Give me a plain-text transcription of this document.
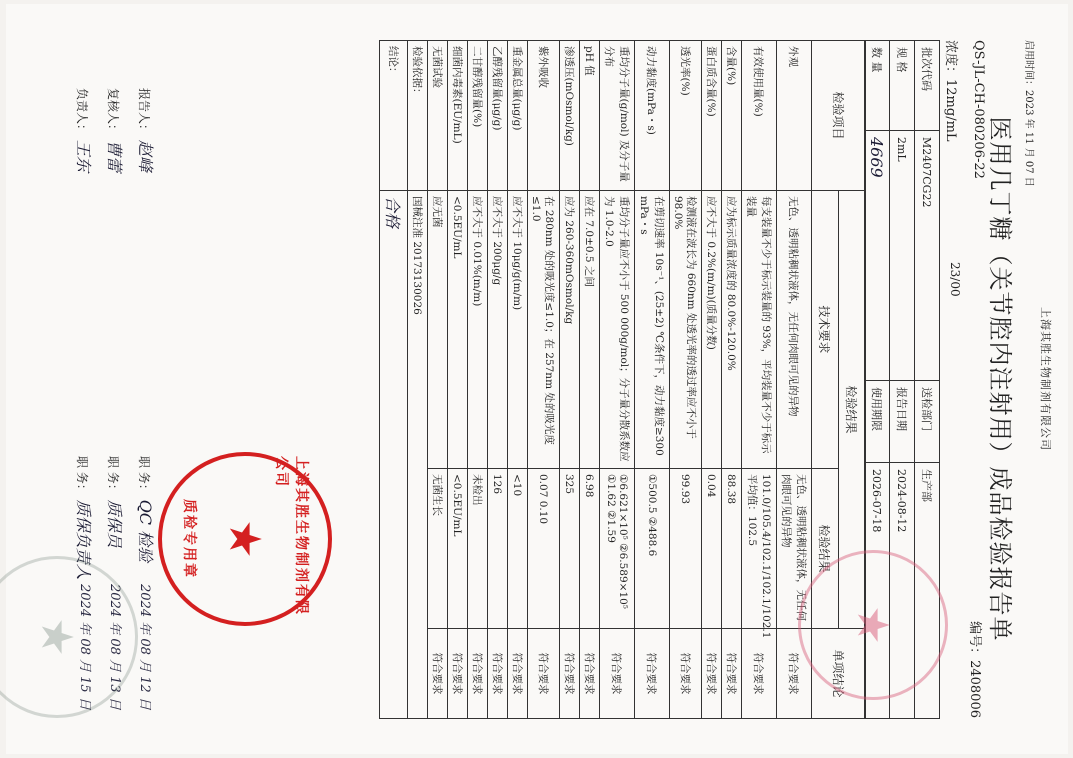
上海其胜生物制剂有限公司
启用时间：2023 年 11 月 07 日
医用几丁糖（关节腔内注射用）成品检验报告单
QS-JL-CH-080206-22
编号：2408006
浓度：12mg/mL
23/00
批次代码	M2407CG22	送检部门	生产部
规 格	2mL	报告日期	2024-08-12
数 量	4669	使用期限	2026-07-18
检验项目	检验结果		单项结论
	技术要求	检验结果	
外观	无色、透明粘稠状液体，无任何肉眼可见的异物	无色、透明粘稠状液体，无任何肉眼可见的异物	符合要求
有效使用量(%)	每支装量不少于标示装量的 93%，平均装量不少于标示装量	101.0/105.4/102.1/102.1/102.1 平均值：102.5	符合要求
含量(%)	应为标示质量浓度的 80.0%-120.0%	88.38	符合要求
蛋白质含量(%)	应不大于 0.2%(m/m)(质量分数)	0.04	符合要求
透光率(%)	检测液在波长为 660nm 处透光率的透过率应不小于 98.0%	99.93	符合要求
动力黏度(mPa・s)	在剪切速率 10s⁻¹、(25±2) ℃条件下，动力黏度≥300 mPa・s	①500.5 ②488.6	符合要求
重均分子量(g/mol) 及分子量分布	重均分子量应不小于 500 000g/mol；分子量分散系数应为 1.0-2.0	①6.621×10⁵ ②6.589×10⁵ ①1.62 ②1.59	符合要求
pH 值	应在 7.0±0.5 之间	6.98	符合要求
渗透压(mOsmol/kg)	应为 260-360mOsmol/kg	325	符合要求
紫外吸收	在 280nm 处的吸光度≤1.0；在 257nm 处的吸光度≤1.0	0.07 0.10	符合要求
重金属总量(μg/g)	应不大于 10μg/g(m/m)	<10	符合要求
乙醇残留量(μg/g)	应不大于 200μg/g	126	符合要求
二甘醇残留量(%)	应不大于 0.01%(m/m)	未检出	符合要求
细菌内毒素(EU/mL)	<0.5EU/mL	<0.5EU/mL	符合要求
无菌试验	应无菌	无菌生长	符合要求
检验依据：	国械注准 20173130026		
结论：	合格		
报告人： 赵峰
复核人： 曹蕾
负责人： 王东
职 务： QC 检验
职 务： 质保员
职 务： 质保负责人
2024 年 08 月 12 日
2024 年 08 月 13 日
2024 年 08 月 15 日	★
★
上海其胜生物制剂有限公司
★
质检专用章
